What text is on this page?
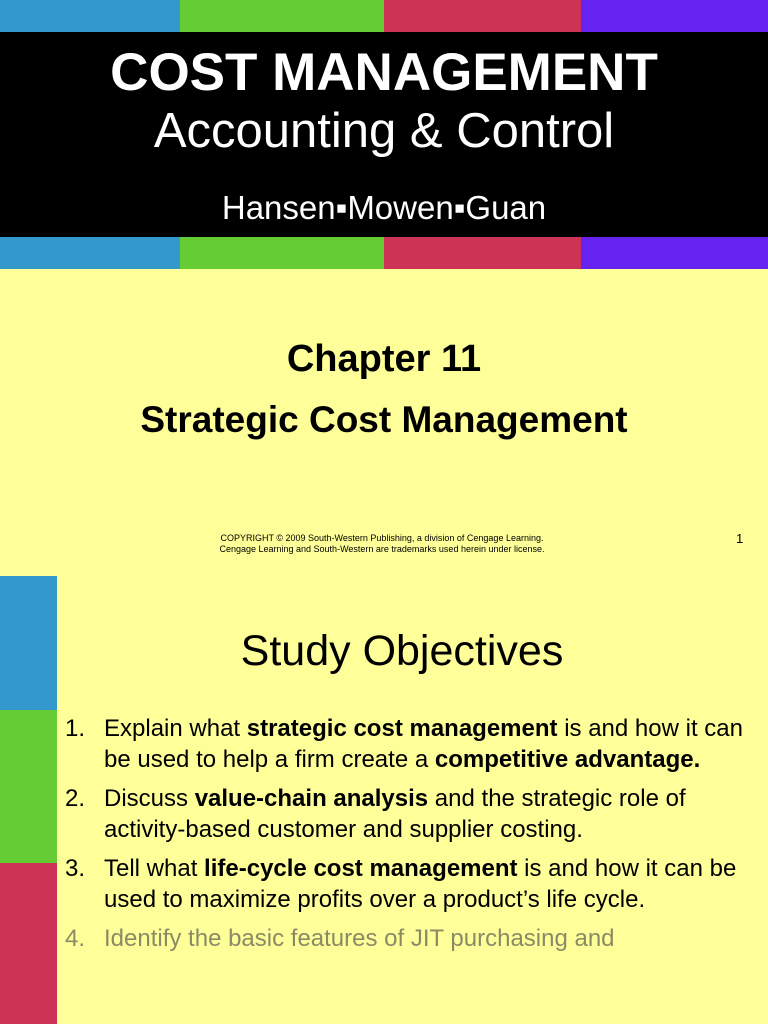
COST MANAGEMENT
Accounting & Control
Hansen▪Mowen▪Guan
Chapter 11
Strategic Cost Management
COPYRIGHT © 2009 South-Western Publishing, a division of Cengage Learning.
Cengage Learning and South-Western are trademarks used herein under license.
1
Study Objectives
1. Explain what strategic cost management is and how it can be used to help a firm create a competitive advantage.
2. Discuss value-chain analysis and the strategic role of activity-based customer and supplier costing.
3. Tell what life-cycle cost management is and how it can be used to maximize profits over a product’s life cycle.
4. Identify the basic features of JIT purchasing and
